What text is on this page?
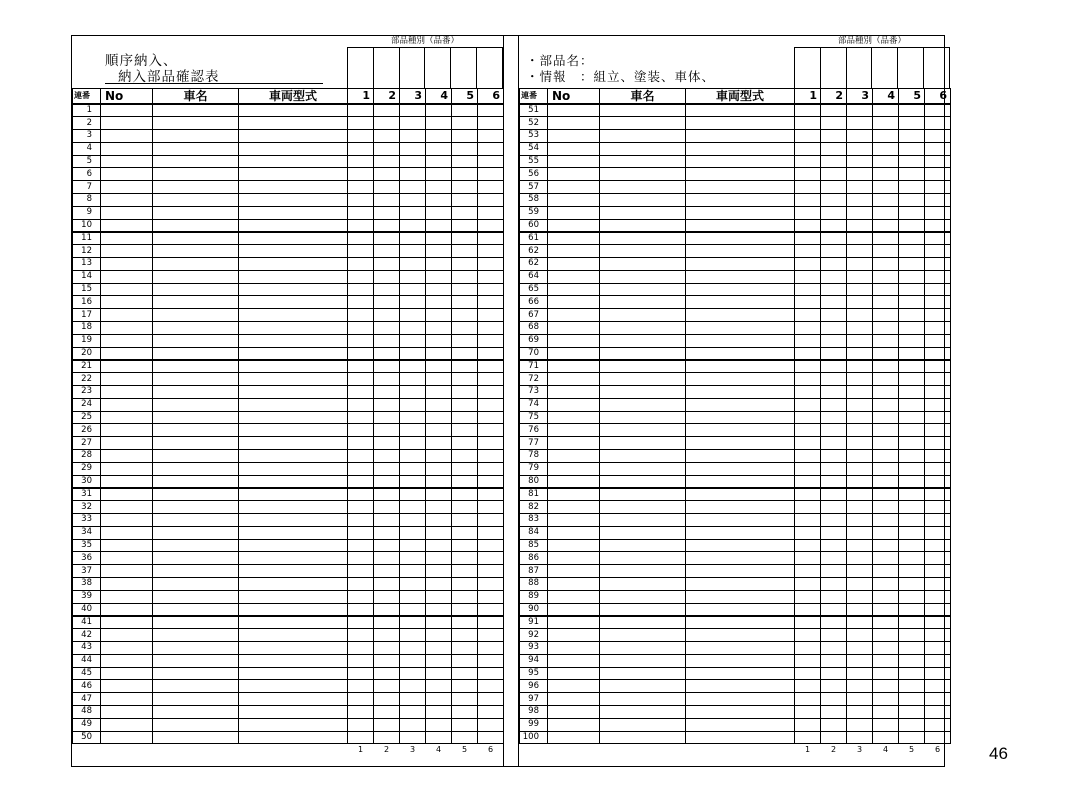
順序納入、
納入部品確認表
部品種別（品番）
連番	No	車名	車両型式	1	2	3	4	5	6
1									
2									
3									
4									
5									
6									
7									
8									
9									
10									
11									
12									
13									
14									
15									
16									
17									
18									
19									
20									
21									
22									
23									
24									
25									
26									
27									
28									
29									
30									
31									
32									
33									
34									
35									
36									
37									
38									
39									
40									
41									
42									
43									
44									
45									
46									
47									
48									
49									
50									
				1	2	3	4	5	6
・部品名：
・情報　：組立、塗装、車体、
部品種別（品番）
連番	No	車名	車両型式	1	2	3	4	5	6
51									
52									
53									
54									
55									
56									
57									
58									
59									
60									
61									
62									
62									
64									
65									
66									
67									
68									
69									
70									
71									
72									
73									
74									
75									
76									
77									
78									
79									
80									
81									
82									
83									
84									
85									
86									
87									
88									
89									
90									
91									
92									
93									
94									
95									
96									
97									
98									
99									
100									
				1	2	3	4	5	6	46
